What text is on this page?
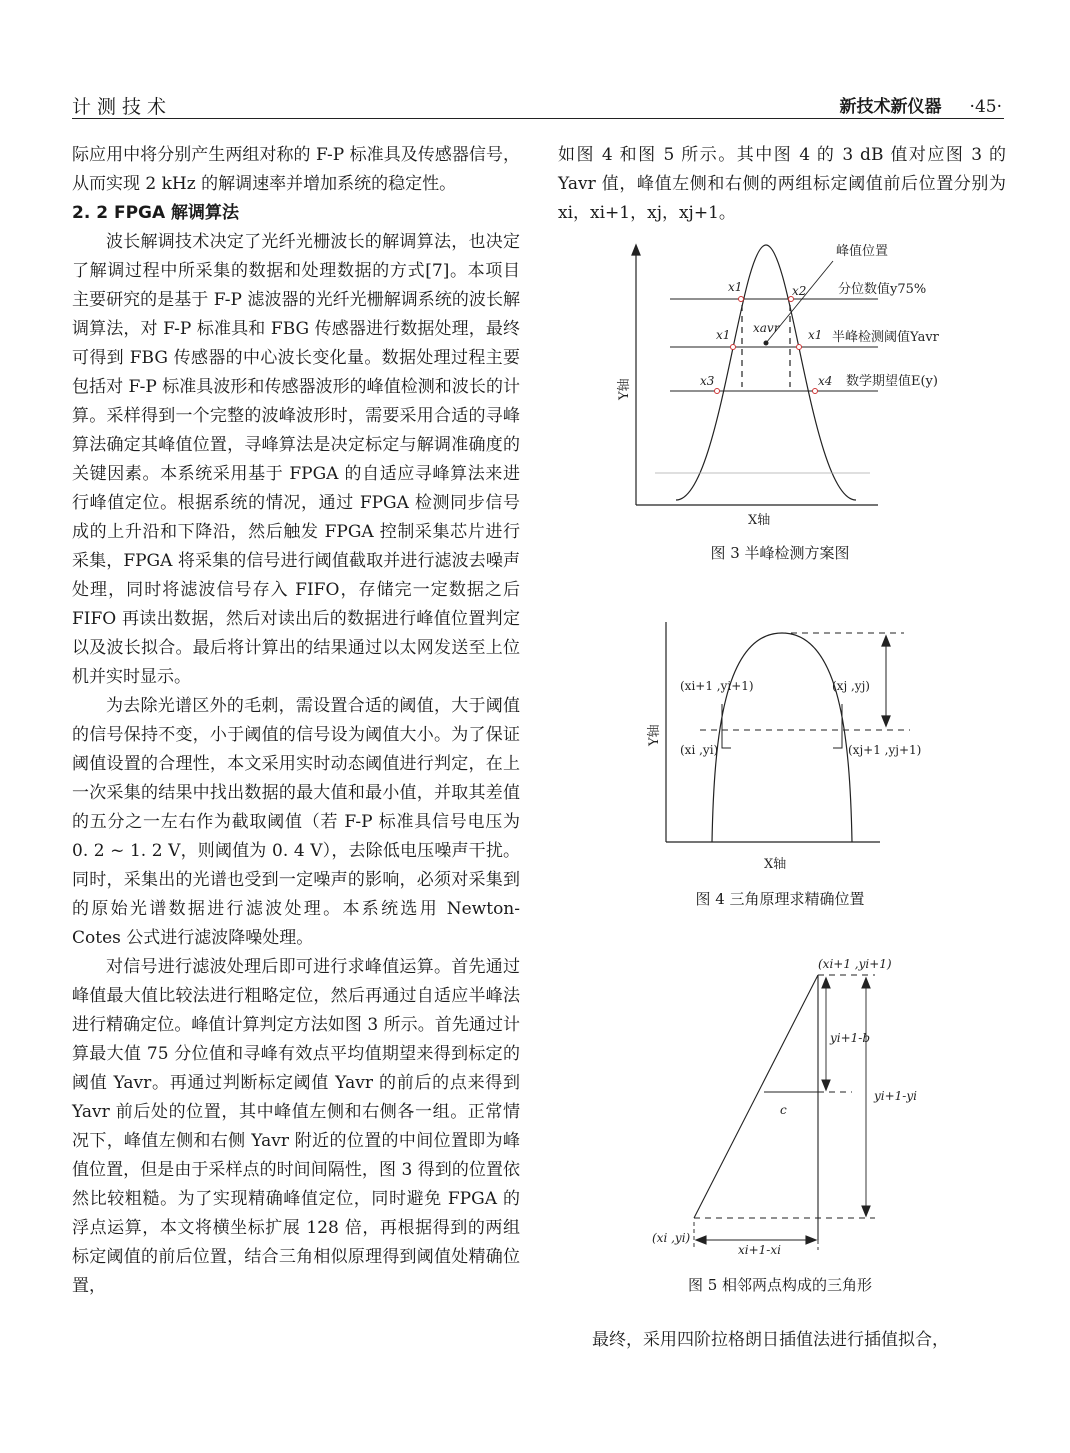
计测技术	新技术新仪器 ·45·

际应用中将分别产生两组对称的 F-P 标准具及传感器信号，从而实现 2 kHz 的解调速率并增加系统的稳定性。

2. 2 FPGA 解调算法

波长解调技术决定了光纤光栅波长的解调算法，也决定了解调过程中所采集的数据和处理数据的方式[7]。本项目主要研究的是基于 F-P 滤波器的光纤光栅解调系统的波长解调算法，对 F-P 标准具和 FBG 传感器进行数据处理，最终可得到 FBG 传感器的中心波长变化量。数据处理过程主要包括对 F-P 标准具波形和传感器波形的峰值检测和波长的计算。采样得到一个完整的波峰波形时，需要采用合适的寻峰算法确定其峰值位置，寻峰算法是决定标定与解调准确度的关键因素。本系统采用基于 FPGA 的自适应寻峰算法来进行峰值定位。根据系统的情况，通过 FPGA 检测同步信号成的上升沿和下降沿，然后触发 FPGA 控制采集芯片进行采集，FPGA 将采集的信号进行阈值截取并进行滤波去噪声处理，同时将滤波信号存入 FIFO，存储完一定数据之后 FIFO 再读出数据，然后对读出后的数据进行峰值位置判定以及波长拟合。最后将计算出的结果通过以太网发送至上位机并实时显示。

为去除光谱区外的毛刺，需设置合适的阈值，大于阈值的信号保持不变，小于阈值的信号设为阈值大小。为了保证阈值设置的合理性，本文采用实时动态阈值进行判定，在上一次采集的结果中找出数据的最大值和最小值，并取其差值的五分之一左右作为截取阈值（若 F-P 标准具信号电压为 0. 2 ~ 1. 2 V，则阈值为 0. 4 V），去除低电压噪声干扰。同时，采集出的光谱也受到一定噪声的影响，必须对采集到的原始光谱数据进行滤波处理。本系统选用 Newton-Cotes 公式进行滤波降噪处理。

对信号进行滤波处理后即可进行求峰值运算。首先通过峰值最大值比较法进行粗略定位，然后再通过自适应半峰法进行精确定位。峰值计算判定方法如图 3 所示。首先通过计算最大值 75 分位值和寻峰有效点平均值期望来得到标定的阈值 Yavr。再通过判断标定阈值 Yavr 的前后的点来得到 Yavr 前后处的位置，其中峰值左侧和右侧各一组。正常情况下，峰值左侧和右侧 Yavr 附近的位置的中间位置即为峰值位置，但是由于采样点的时间间隔性，图 3 得到的位置依然比较粗糙。为了实现精确峰值定位，同时避免 FPGA 的浮点运算，本文将横坐标扩展 128 倍，再根据得到的两组标定阈值的前后位置，结合三角相似原理得到阈值处精确位置，

如图 4 和图 5 所示。其中图 4 的 3 dB 值对应图 3 的 Yavr 值，峰值左侧和右侧的两组标定阈值前后位置分别为 xi，xi+1，xj，xj+1。

x1	x2
x1 xavr x1
x3	x4
峰值位置
分位数值y75%
半峰检测阈值Yavr
数学期望值E(y)
X轴
Y轴
图 3 半峰检测方案图
(xi+1 ,yi+1)
(xi ,yi)
(xj ,yj)
(xj+1 ,yj+1)
X轴
Y轴
图 4 三角原理求精确位置
(xi+1 ,yi+1)
(xi ,yi)
yi+1-b
c
yi+1-yi
xi+1-xi
图 5 相邻两点构成的三角形

最终，采用四阶拉格朗日插值法进行插值拟合，
